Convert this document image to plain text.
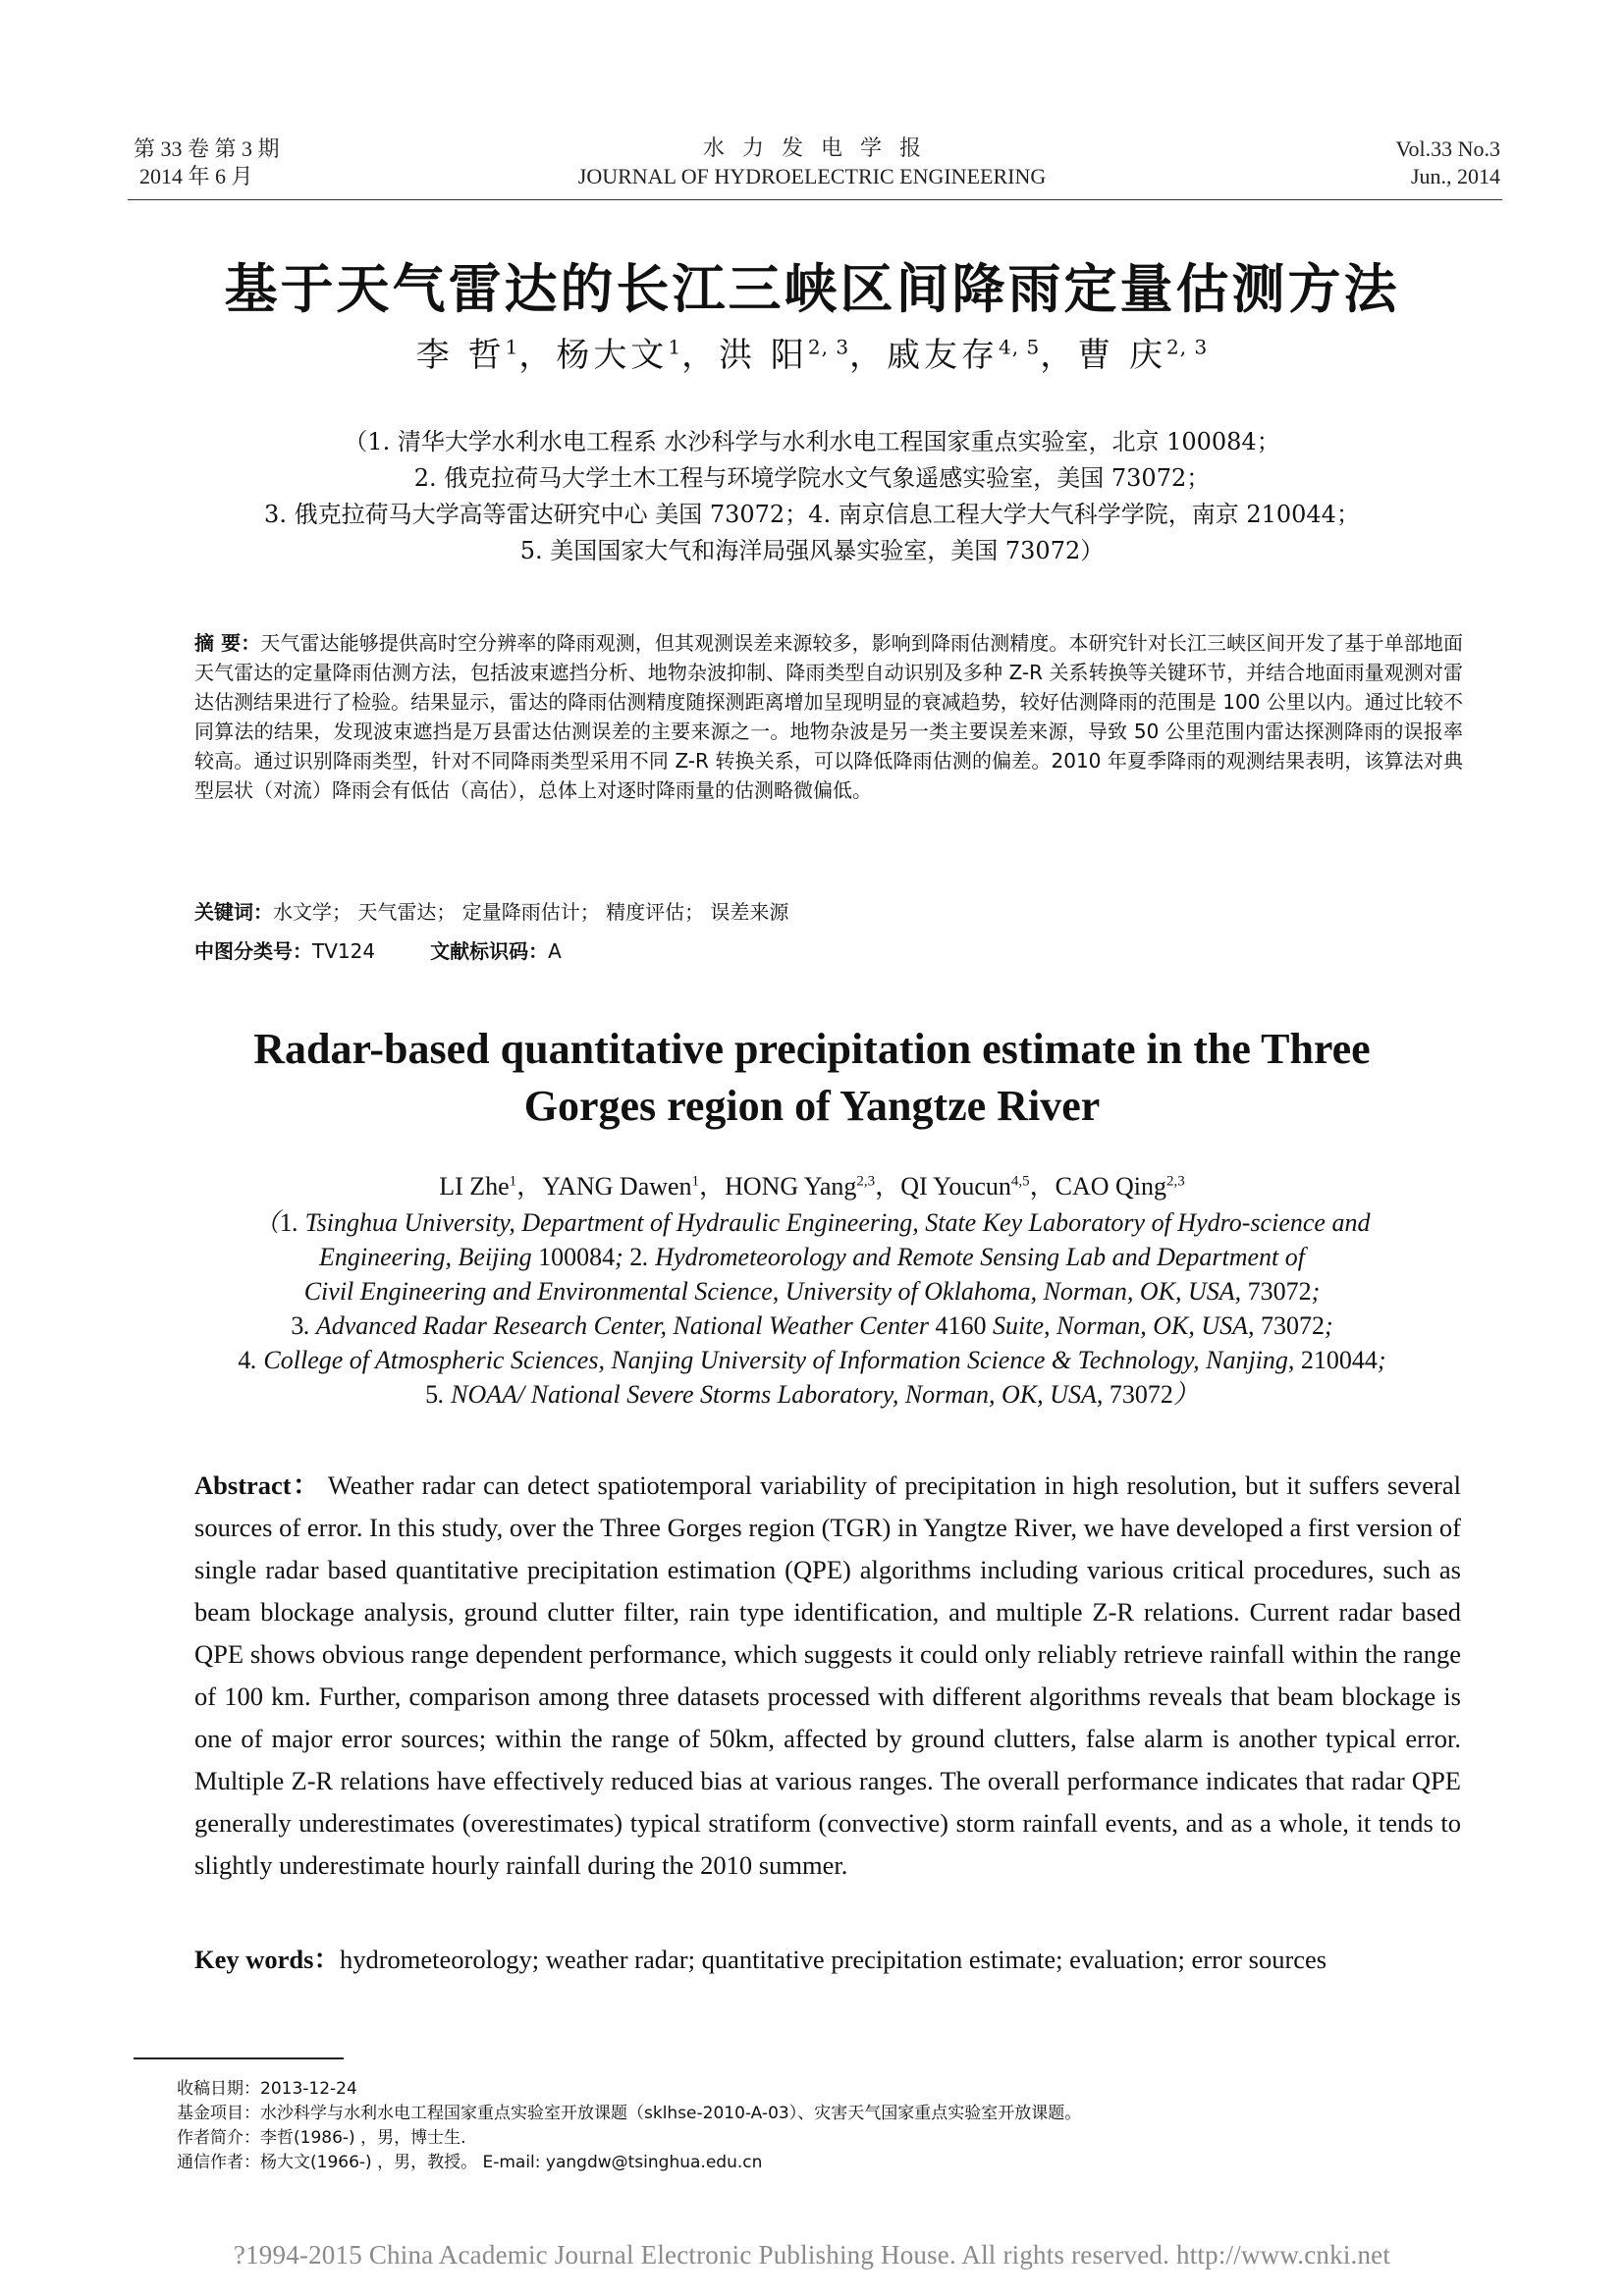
第 33 卷 第 3 期
2014 年 6 月
水力发电学报
JOURNAL OF HYDROELECTRIC ENGINEERING
Vol.33 No.3
Jun., 2014
基于天气雷达的长江三峡区间降雨定量估测方法
李 哲$^1$，杨大文$^1$，洪 阳$^{2, 3}$，戚友存$^{4, 5}$，曹 庆$^{2, 3}$
（1. 清华大学水利水电工程系 水沙科学与水利水电工程国家重点实验室，北京 100084；
2. 俄克拉荷马大学土木工程与环境学院水文气象遥感实验室，美国 73072；
3. 俄克拉荷马大学高等雷达研究中心 美国 73072；4. 南京信息工程大学大气科学学院，南京 210044；
5. 美国国家大气和海洋局强风暴实验室，美国 73072）
摘 要：天气雷达能够提供高时空分辨率的降雨观测，但其观测误差来源较多，影响到降雨估测精度。本研究针对长江三峡区间开发了基于单部地面天气雷达的定量降雨估测方法，包括波束遮挡分析、地物杂波抑制、降雨类型自动识别及多种 Z-R 关系转换等关键环节，并结合地面雨量观测对雷达估测结果进行了检验。结果显示，雷达的降雨估测精度随探测距离增加呈现明显的衰减趋势，较好估测降雨的范围是 100 公里以内。通过比较不同算法的结果，发现波束遮挡是万县雷达估测误差的主要来源之一。地物杂波是另一类主要误差来源，导致 50 公里范围内雷达探测降雨的误报率较高。通过识别降雨类型，针对不同降雨类型采用不同 Z-R 转换关系，可以降低降雨估测的偏差。2010 年夏季降雨的观测结果表明，该算法对典型层状（对流）降雨会有低估（高估），总体上对逐时降雨量的估测略微偏低。
关键词：水文学； 天气雷达； 定量降雨估计； 精度评估； 误差来源
中图分类号：TV124	文献标识码：A
Radar-based quantitative precipitation estimate in the Three
Gorges region of Yangtze River
LI Zhe$^1$，YANG Dawen$^1$，HONG Yang$^{2,3}$，QI Youcun$^{4,5}$，CAO Qing$^{2,3}$
（1. Tsinghua University, Department of Hydraulic Engineering, State Key Laboratory of Hydro-science and
Engineering, Beijing 100084; 2. Hydrometeorology and Remote Sensing Lab and Department of
Civil Engineering and Environmental Science, University of Oklahoma, Norman, OK, USA, 73072;
3. Advanced Radar Research Center, National Weather Center 4160 Suite, Norman, OK, USA, 73072;
4. College of Atmospheric Sciences, Nanjing University of Information Science & Technology, Nanjing, 210044;
5. NOAA/ National Severe Storms Laboratory, Norman, OK, USA, 73072）
Abstract： Weather radar can detect spatiotemporal variability of precipitation in high resolution, but it suffers several sources of error. In this study, over the Three Gorges region (TGR) in Yangtze River, we have developed a first version of single radar based quantitative precipitation estimation (QPE) algorithms including various critical procedures, such as beam blockage analysis, ground clutter filter, rain type identification, and multiple Z-R relations. Current radar based QPE shows obvious range dependent performance, which suggests it could only reliably retrieve rainfall within the range of 100 km. Further, comparison among three datasets processed with different algorithms reveals that beam blockage is one of major error sources; within the range of 50km, affected by ground clutters, false alarm is another typical error. Multiple Z-R relations have effectively reduced bias at various ranges. The overall performance indicates that radar QPE generally underestimates (overestimates) typical stratiform (convective) storm rainfall events, and as a whole, it tends to slightly underestimate hourly rainfall during the 2010 summer.
Key words：hydrometeorology; weather radar; quantitative precipitation estimate; evaluation; error sources
收稿日期：2013-12-24
基金项目：水沙科学与水利水电工程国家重点实验室开放课题（sklhse-2010-A-03）、灾害天气国家重点实验室开放课题。
作者简介：李哲(1986-) ，男，博士生.
通信作者：杨大文(1966-) ，男，教授。 E-mail: yangdw@tsinghua.edu.cn
?1994-2015 China Academic Journal Electronic Publishing House. All rights reserved. http://www.cnki.net
